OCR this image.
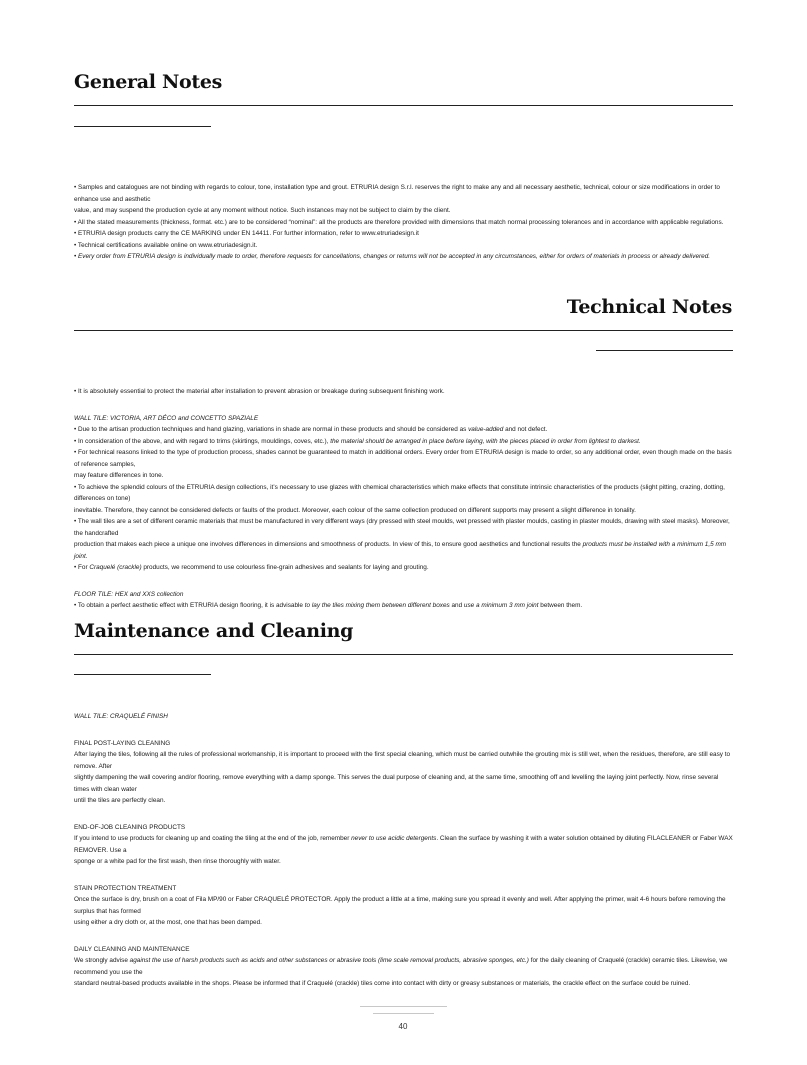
General Notes

• Samples and catalogues are not binding with regards to colour, tone, installation type and grout. ETRURIA design S.r.l. reserves the right to make any and all necessary aesthetic, technical, colour or size modifications in order to enhance use and aesthetic

value, and may suspend the production cycle at any moment without notice. Such instances may not be subject to claim by the client.

• All the stated measurements (thickness, format. etc.) are to be considered “nominal”: all the products are therefore provided with dimensions that match normal processing tolerances and in accordance with applicable regulations.

• ETRURIA design products carry the CE MARKING under EN 14411. For further information, refer to www.etruriadesign.it

• Technical certifications available online on www.etruriadesign.it.

• Every order from ETRURIA design is individually made to order, therefore requests for cancellations, changes or returns will not be accepted in any circumstances, either for orders of materials in process or already delivered.

Technical Notes

• It is absolutely essential to protect the material after installation to prevent abrasion or breakage during subsequent finishing work.

WALL TILE: VICTORIA, ART DÉCO and CONCETTO SPAZIALE

• Due to the artisan production techniques and hand glazing, variations in shade are normal in these products and should be considered as value-added and not defect.

• In consideration of the above, and with regard to trims (skirtings, mouldings, coves, etc.), the material should be arranged in place before laying, with the pieces placed in order from lightest to darkest.

• For technical reasons linked to the type of production process, shades cannot be guaranteed to match in additional orders. Every order from ETRURIA design is made to order, so any additional order, even though made on the basis of reference samples,

may feature differences in tone.

• To achieve the splendid colours of the ETRURIA design collections, it’s necessary to use glazes with chemical characteristics which make effects that constitute intrinsic characteristics of the products (slight pitting, crazing, dotting, differences on tone)

inevitable. Therefore, they cannot be considered defects or faults of the product. Moreover, each colour of the same collection produced on different supports may present a slight difference in tonality.

• The wall tiles are a set of different ceramic materials that must be manufactured in very different ways (dry pressed with steel moulds, wet pressed with plaster moulds, casting in plaster moulds, drawing with steel masks). Moreover, the handcrafted

production that makes each piece a unique one involves differences in dimensions and smoothness of products. In view of this, to ensure good aesthetics and functional results the products must be installed with a minimum 1,5 mm joint.

• For Craquelé (crackle) products, we recommend to use colourless fine-grain adhesives and sealants for laying and grouting.

FLOOR TILE: HEX and XXS collection

• To obtain a perfect aesthetic effect with ETRURIA design flooring, it is advisable to lay the tiles mixing them between different boxes and use a minimum 3 mm joint between them.

Maintenance and Cleaning

WALL TILE: CRAQUELÉ FINISH

FINAL POST-LAYING CLEANING

After laying the tiles, following all the rules of professional workmanship, it is important to proceed with the first special cleaning, which must be carried outwhile the grouting mix is still wet, when the residues, therefore, are still easy to remove. After

slightly dampening the wall covering and/or flooring, remove everything with a damp sponge. This serves the dual purpose of cleaning and, at the same time, smoothing off and levelling the laying joint perfectly. Now, rinse several times with clean water

until the tiles are perfectly clean.

END-OF-JOB CLEANING PRODUCTS

If you intend to use products for cleaning up and coating the tiling at the end of the job, remember never to use acidic detergents. Clean the surface by washing it with a water solution obtained by diluting FILACLEANER or Faber WAX REMOVER. Use a

sponge or a white pad for the first wash, then rinse thoroughly with water.

STAIN PROTECTION TREATMENT

Once the surface is dry, brush on a coat of Fila MP/90 or Faber CRAQUELÉ PROTECTOR. Apply the product a little at a time, making sure you spread it evenly and well. After applying the primer, wait 4-6 hours before removing the surplus that has formed

using either a dry cloth or, at the most, one that has been damped.

DAILY CLEANING AND MAINTENANCE

We strongly advise against the use of harsh products such as acids and other substances or abrasive tools (lime scale removal products, abrasive sponges, etc.) for the daily cleaning of Craquelé (crackle) ceramic tiles. Likewise, we recommend you use the

standard neutral-based products available in the shops. Please be informed that if Craquelé (crackle) tiles come into contact with dirty or greasy substances or materials, the crackle effect on the surface could be ruined.

40
